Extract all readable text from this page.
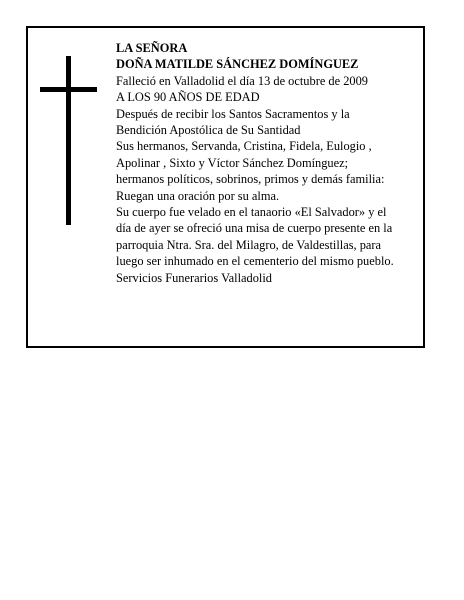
LA SEÑORA
DOÑA MATILDE SÁNCHEZ DOMÍNGUEZ
Falleció en Valladolid el día 13 de octubre de 2009
A LOS 90 AÑOS DE EDAD
Después de recibir los Santos Sacramentos y la
Bendición Apostólica de Su Santidad
Sus hermanos, Servanda, Cristina, Fidela, Eulogio ,
Apolinar , Sixto y Víctor Sánchez Domínguez;
hermanos políticos, sobrinos, primos y demás familia:
Ruegan una oración por su alma.
Su cuerpo fue velado en el tanaorio «El Salvador» y el
día de ayer se ofreció una misa de cuerpo presente en la
parroquia Ntra. Sra. del Milagro, de Valdestillas, para
luego ser inhumado en el cementerio del mismo pueblo.
Servicios Funerarios Valladolid
